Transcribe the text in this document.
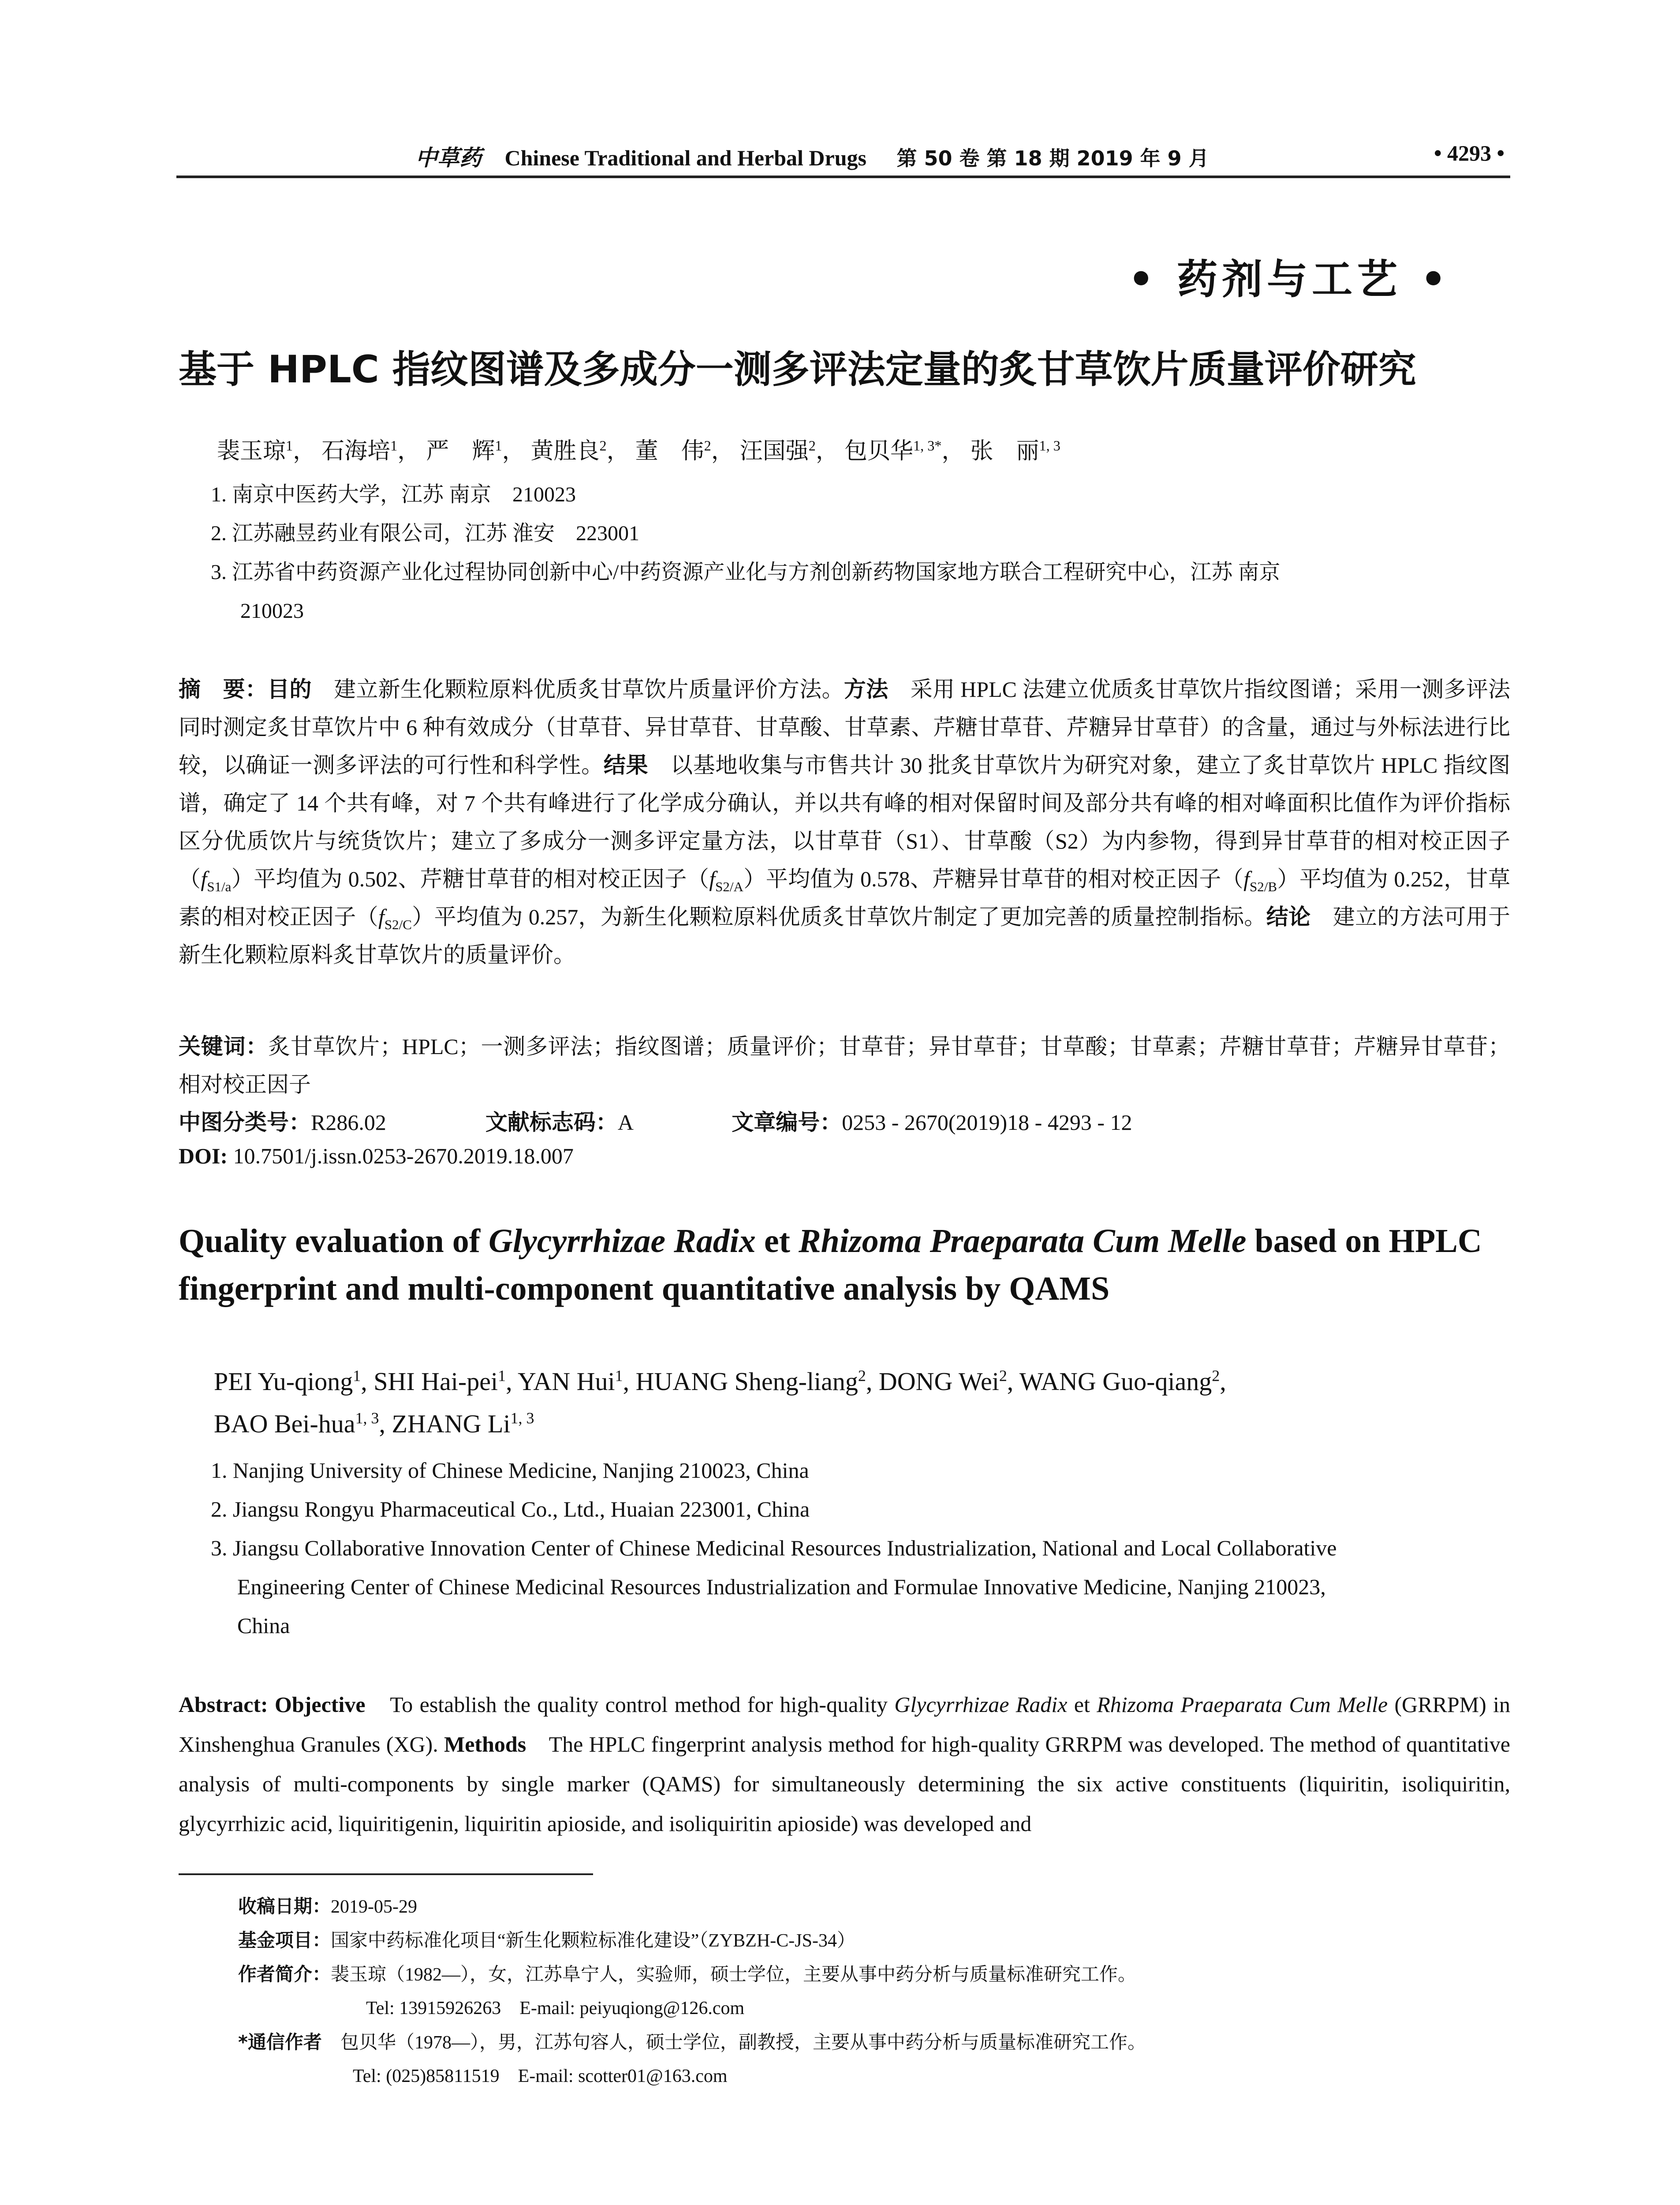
中草药 Chinese Traditional and Herbal Drugs 第 50 卷 第 18 期 2019 年 9 月	• 4293 •
• 药剂与工艺 •
基于 HPLC 指纹图谱及多成分一测多评法定量的炙甘草饮片质量评价研究
裴玉琼$^1$， 石海培$^1$， 严　辉$^1$， 黄胜良$^2$， 董　伟$^2$， 汪国强$^2$， 包贝华$^{1, 3*}$， 张　丽$^{1, 3}$
1. 南京中医药大学，江苏 南京　210023
2. 江苏融昱药业有限公司，江苏 淮安　223001
3. 江苏省中药资源产业化过程协同创新中心/中药资源产业化与方剂创新药物国家地方联合工程研究中心，江苏 南京
210023
摘　要：目的　 建立新生化颗粒原料优质炙甘草饮片质量评价方法。方法　 采用 HPLC 法建立优质炙甘草饮片指纹图谱；采用一测多评法同时测定炙甘草饮片中 6 种有效成分（甘草苷、异甘草苷、甘草酸、甘草素、芹糖甘草苷、芹糖异甘草苷）的含量，通过与外标法进行比较，以确证一测多评法的可行性和科学性。结果　 以基地收集与市售共计 30 批炙甘草饮片为研究对象，建立了炙甘草饮片 HPLC 指纹图谱，确定了 14 个共有峰，对 7 个共有峰进行了化学成分确认，并以共有峰的相对保留时间及部分共有峰的相对峰面积比值作为评价指标区分优质饮片与统货饮片；建立了多成分一测多评定量方法，以甘草苷（S1）、甘草酸（S2）为内参物，得到异甘草苷的相对校正因子$(f_{S1/a})$平均值为 0.502、芹糖甘草苷的相对校正因子$(f_{S2/A})$平均值为 0.578、芹糖异甘草苷的相对校正因子$(f_{S2/B})$平均值为 0.252，甘草素的相对校正因子$(f_{S2/C})$平均值为 0.257，为新生化颗粒原料优质炙甘草饮片制定了更加完善的质量控制指标。结论　 建立的方法可用于新生化颗粒原料炙甘草饮片的质量评价。
关键词：炙甘草饮片；HPLC；一测多评法；指纹图谱；质量评价；甘草苷；异甘草苷；甘草酸；甘草素；芹糖甘草苷；芹糖异甘草苷；相对校正因子
中图分类号：R286.02	文献标志码：A	文章编号：0253 - 2670(2019)18 - 4293 - 12
DOI: 10.7501/j.issn.0253-2670.2019.18.007
Quality evaluation of Glycyrrhizae Radix et Rhizoma Praeparata Cum Melle based on HPLC fingerprint and multi-component quantitative analysis by QAMS
PEI Yu-qiong$^1$, SHI Hai-pei$^1$, YAN Hui$^1$, HUANG Sheng-liang$^2$, DONG Wei$^2$, WANG Guo-qiang$^2$,
BAO Bei-hua$^{1, 3}$, ZHANG Li$^{1, 3}$
1. Nanjing University of Chinese Medicine, Nanjing 210023, China
2. Jiangsu Rongyu Pharmaceutical Co., Ltd., Huaian 223001, China
3. Jiangsu Collaborative Innovation Center of Chinese Medicinal Resources Industrialization, National and Local Collaborative
Engineering Center of Chinese Medicinal Resources Industrialization and Formulae Innovative Medicine, Nanjing 210023,
China
Abstract: Objective　 To establish the quality control method for high-quality Glycyrrhizae Radix et Rhizoma Praeparata Cum Melle (GRRPM) in Xinshenghua Granules (XG). Methods　 The HPLC fingerprint analysis method for high-quality GRRPM was developed. The method of quantitative analysis of multi-components by single marker (QAMS) for simultaneously determining the six active constituents (liquiritin, isoliquiritin, glycyrrhizic acid, liquiritigenin, liquiritin apioside, and isoliquiritin apioside) was developed and
收稿日期：2019-05-29
基金项目：国家中药标准化项目“新生化颗粒标准化建设”（ZYBZH-C-JS-34）
作者简介：裴玉琼（1982—），女，江苏阜宁人，实验师，硕士学位，主要从事中药分析与质量标准研究工作。
Tel: 13915926263　E-mail: peiyuqiong@126.com
*通信作者　 包贝华（1978—），男，江苏句容人，硕士学位，副教授，主要从事中药分析与质量标准研究工作。
Tel: (025)85811519　E-mail: scotter01@163.com
